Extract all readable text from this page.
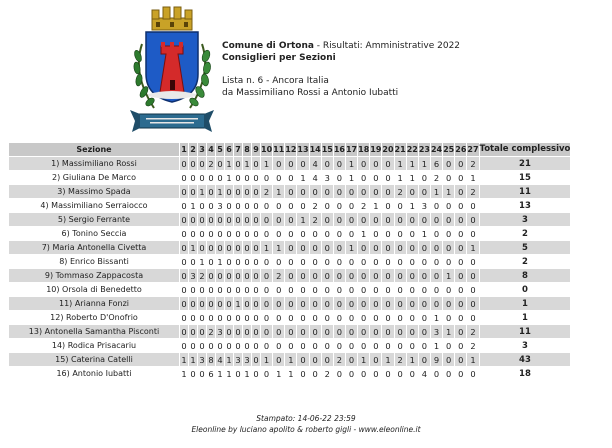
Comune di Ortona - Risultati: Amministrative 2022
Consiglieri per Sezioni
Lista n. 6 - Ancora Italia
da Massimiliano Rossi a Antonio Iubatti
Sezione	1	2	3	4	5	6	7	8	9	10	11	12	13	14	15	16	17	18	19	20	21	22	23	24	25	26	27	Totale complessivo
1) Massimiliano Rossi	0	0	0	2	0	1	0	1	0	1	0	0	0	4	0	0	1	0	0	0	1	1	1	6	0	0	2	21
2) Giuliana De Marco	0	0	0	0	0	1	0	0	0	0	0	0	1	4	3	0	1	0	0	0	1	1	0	2	0	0	1	15
3) Massimo Spada	0	0	1	0	1	0	0	0	0	2	1	0	0	0	0	0	0	0	0	0	2	0	0	1	1	0	2	11
4) Massimiliano Serraiocco	0	1	0	0	3	0	0	0	0	0	0	0	0	2	0	0	0	2	1	0	0	1	3	0	0	0	0	13
5) Sergio Ferrante	0	0	0	0	0	0	0	0	0	0	0	0	1	2	0	0	0	0	0	0	0	0	0	0	0	0	0	3
6) Tonino Seccia	0	0	0	0	0	0	0	0	0	0	0	0	0	0	0	0	0	1	0	0	0	0	1	0	0	0	0	2
7) Maria Antonella Civetta	0	1	0	0	0	0	0	0	0	1	1	0	0	0	0	0	1	0	0	0	0	0	0	0	0	0	1	5
8) Enrico Bissanti	0	0	1	0	1	0	0	0	0	0	0	0	0	0	0	0	0	0	0	0	0	0	0	0	0	0	0	2
9) Tommaso Zappacosta	0	3	2	0	0	0	0	0	0	0	2	0	0	0	0	0	0	0	0	0	0	0	0	0	1	0	0	8
10) Orsola di Benedetto	0	0	0	0	0	0	0	0	0	0	0	0	0	0	0	0	0	0	0	0	0	0	0	0	0	0	0	0
11) Arianna Fonzi	0	0	0	0	0	0	1	0	0	0	0	0	0	0	0	0	0	0	0	0	0	0	0	0	0	0	0	1
12) Roberto D'Onofrio	0	0	0	0	0	0	0	0	0	0	0	0	0	0	0	0	0	0	0	0	0	0	0	1	0	0	0	1
13) Antonella Samantha Pisconti	0	0	0	2	3	0	0	0	0	0	0	0	0	0	0	0	0	0	0	0	0	0	0	3	1	0	2	11
14) Rodica Prisacariu	0	0	0	0	0	0	0	0	0	0	0	0	0	0	0	0	0	0	0	0	0	0	0	1	0	0	2	3
15) Caterina Catelli	1	1	3	8	4	1	3	3	0	1	0	1	0	0	0	2	0	1	0	1	2	1	0	9	0	0	1	43
16) Antonio Iubatti	1	0	0	6	1	1	0	1	0	0	1	1	0	0	2	0	0	0	0	0	0	0	4	0	0	0	0	18
Stampato: 14-06-22 23:59
Eleonline by luciano apolito & roberto gigli - www.eleonline.it
